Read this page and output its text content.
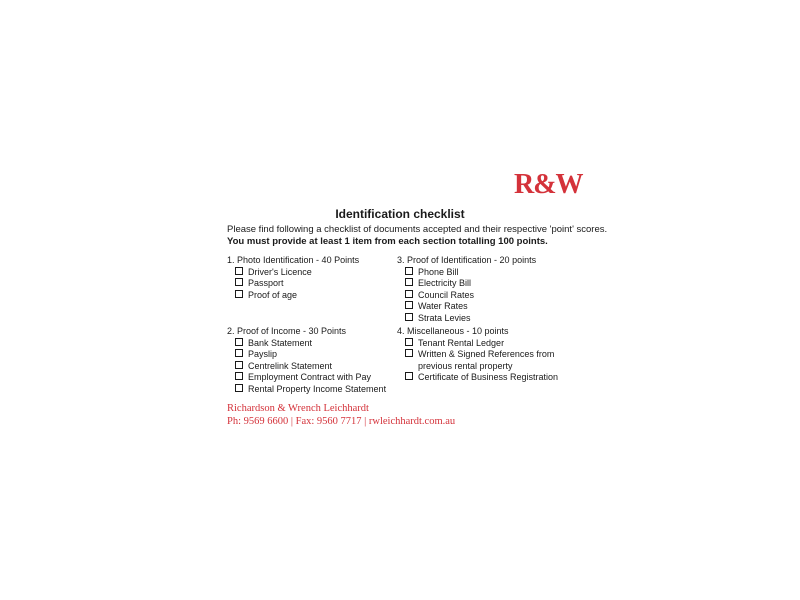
R&W
Identification checklist
Please find following a checklist of documents accepted and their respective 'point' scores.
You must provide at least 1 item from each section totalling 100 points.
1. Photo Identification - 40 Points
Driver's Licence
Passport
Proof of age
3. Proof of Identification - 20 points
Phone Bill
Electricity Bill
Council Rates
Water Rates
Strata Levies
2. Proof of Income - 30 Points
Bank Statement
Payslip
Centrelink Statement
Employment Contract with Pay
Rental Property Income Statement
4. Miscellaneous - 10 points
Tenant Rental Ledger
Written & Signed References from
previous rental property
Certificate of Business Registration
Richardson & Wrench Leichhardt
Ph: 9569 6600 | Fax: 9560 7717 | rwleichhardt.com.au
